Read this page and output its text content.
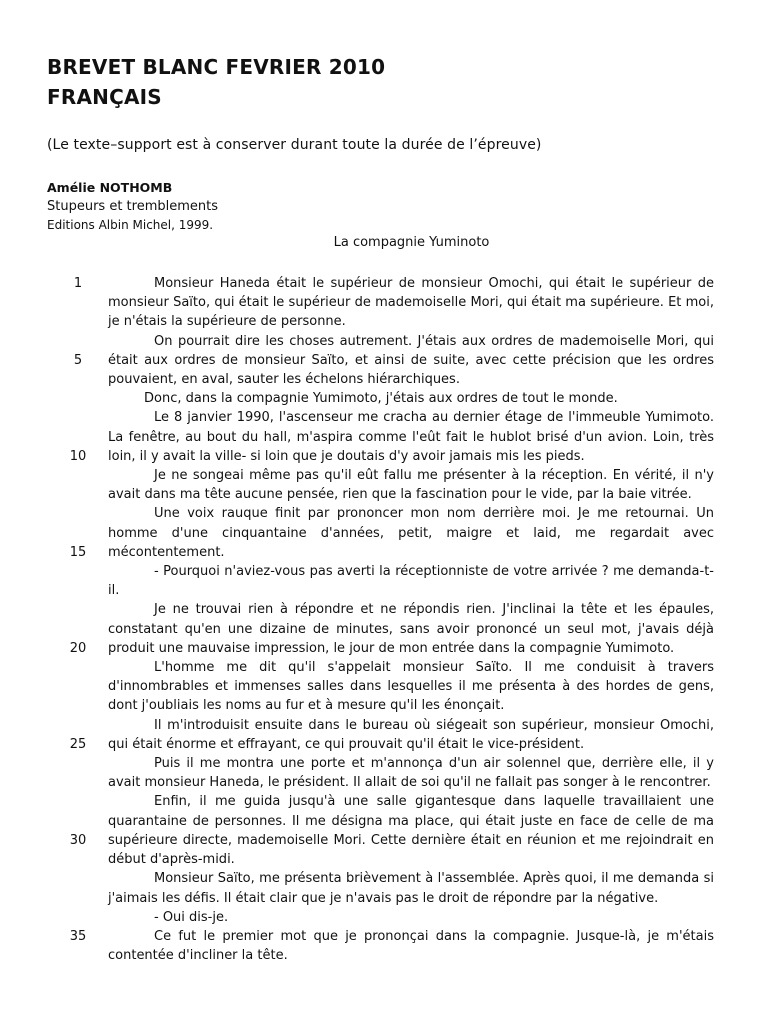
BREVET BLANC FEVRIER 2010
FRANÇAIS
(Le texte–support est à conserver durant toute la durée de l’épreuve)
Amélie NOTHOMB
Stupeurs et tremblements
Editions Albin Michel, 1999.
La compagnie Yuminoto
1
5
10
15
20
25
30
35

Monsieur Haneda était le supérieur de monsieur Omochi, qui était le supérieur de monsieur Saïto, qui était le supérieur de mademoiselle Mori, qui était ma supérieure. Et moi, je n'étais la supérieure de personne.

On pourrait dire les choses autrement. J'étais aux ordres de mademoiselle Mori, qui était aux ordres de monsieur Saïto, et ainsi de suite, avec cette précision que les ordres pouvaient, en aval, sauter les échelons hiérarchiques.

Donc, dans la compagnie Yumimoto, j'étais aux ordres de tout le monde.

Le 8 janvier 1990, l'ascenseur me cracha au dernier étage de l'immeuble Yumimoto. La fenêtre, au bout du hall, m'aspira comme l'eût fait le hublot brisé d'un avion. Loin, très loin, il y avait la ville- si loin que je doutais d'y avoir jamais mis les pieds.

Je ne songeai même pas qu'il eût fallu me présenter à la réception. En vérité, il n'y avait dans ma tête aucune pensée, rien que la fascination pour le vide, par la baie vitrée.

Une voix rauque finit par prononcer mon nom derrière moi. Je me retournai. Un homme d'une cinquantaine d'années, petit, maigre et laid, me regardait avec mécontentement.

- Pourquoi n'aviez-vous pas averti la réceptionniste de votre arrivée ? me demanda-t-il.

Je ne trouvai rien à répondre et ne répondis rien. J'inclinai la tête et les épaules, constatant qu'en une dizaine de minutes, sans avoir prononcé un seul mot, j'avais déjà produit une mauvaise impression, le jour de mon entrée dans la compagnie Yumimoto.

L'homme me dit qu'il s'appelait monsieur Saïto. Il me conduisit à travers d'innombrables et immenses salles dans lesquelles il me présenta à des hordes de gens, dont j'oubliais les noms au fur et à mesure qu'il les énonçait.

Il m'introduisit ensuite dans le bureau où siégeait son supérieur, monsieur Omochi, qui était énorme et effrayant, ce qui prouvait qu'il était le vice-président.

Puis il me montra une porte et m'annonça d'un air solennel que, derrière elle, il y avait monsieur Haneda, le président. Il allait de soi qu'il ne fallait pas songer à le rencontrer.

Enfin, il me guida jusqu'à une salle gigantesque dans laquelle travaillaient une quarantaine de personnes. Il me désigna ma place, qui était juste en face de celle de ma supérieure directe, mademoiselle Mori. Cette dernière était en réunion et me rejoindrait en début d'après-midi.

Monsieur Saïto, me présenta brièvement à l'assemblée. Après quoi, il me demanda si j'aimais les défis. Il était clair que je n'avais pas le droit de répondre par la négative.

- Oui dis-je.

Ce fut le premier mot que je prononçai dans la compagnie. Jusque-là, je m'étais contentée d'incliner la tête.
